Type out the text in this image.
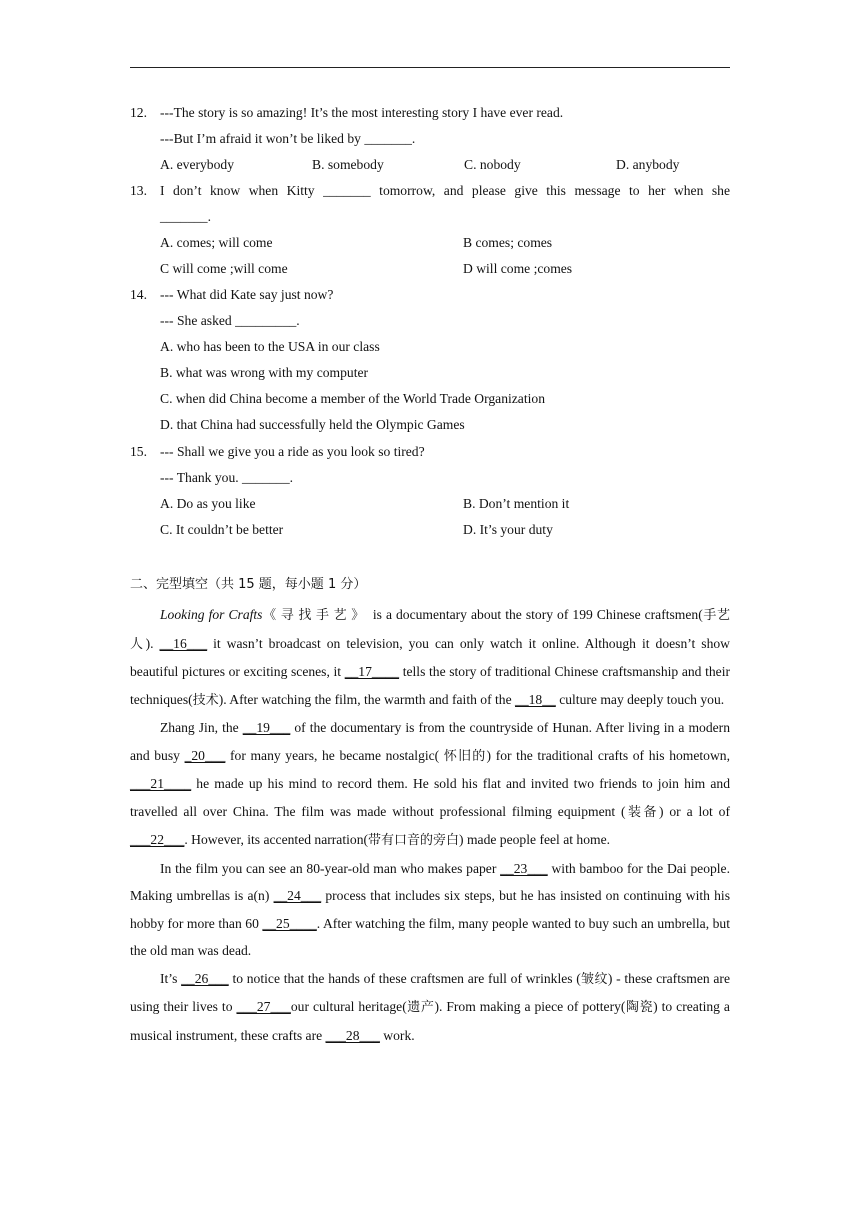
12. ---The story is so amazing! It’s the most interesting story I have ever read.
---But I’m afraid it won’t be liked by _______.
A. everybody	B. somebody	C. nobody	D. anybody
13. I don’t know when Kitty _______ tomorrow, and please give this message to her when she
_______.
A. comes; will come	B comes; comes
C will come ;will come	D will come ;comes
14. --- What did Kate say just now?
--- She asked _________.
A. who has been to the USA in our class
B. what was wrong with my computer
C. when did China become a member of the World Trade Organization
D. that China had successfully held the Olympic Games
15. --- Shall we give you a ride as you look so tired?
--- Thank you. _______.
A. Do as you like	B. Don’t mention it
C. It couldn’t be better	D. It’s your duty
二、完型填空（共 15 题，每小题 1 分）

Looking for Crafts《寻找手艺》 is a documentary about the story of 199 Chinese craftsmen(手艺人). __16___ it wasn’t broadcast on television, you can only watch it online. Although it doesn’t show beautiful pictures or exciting scenes, it __17____ tells the story of traditional Chinese craftsmanship and their techniques(技术). After watching the film, the warmth and faith of the __18__ culture may deeply touch you.

Zhang Jin, the __19___ of the documentary is from the countryside of Hunan. After living in a modern and busy _20___ for many years, he became nostalgic( 怀旧的) for the traditional crafts of his hometown, ___21____ he made up his mind to record them. He sold his flat and invited two friends to join him and travelled all over China. The film was made without professional filming equipment (装备) or a lot of ___22___. However, its accented narration(带有口音的旁白) made people feel at home.

In the film you can see an 80-year-old man who makes paper __23___ with bamboo for the Dai people. Making umbrellas is a(n) __24___ process that includes six steps, but he has insisted on continuing with his hobby for more than 60 __25____. After watching the film, many people wanted to buy such an umbrella, but the old man was dead.

It’s __26___ to notice that the hands of these craftsmen are full of wrinkles (皱纹) - these craftsmen are using their lives to ___27___our cultural heritage(遗产). From making a piece of pottery(陶瓷) to creating a musical instrument, these crafts are ___28___ work.
